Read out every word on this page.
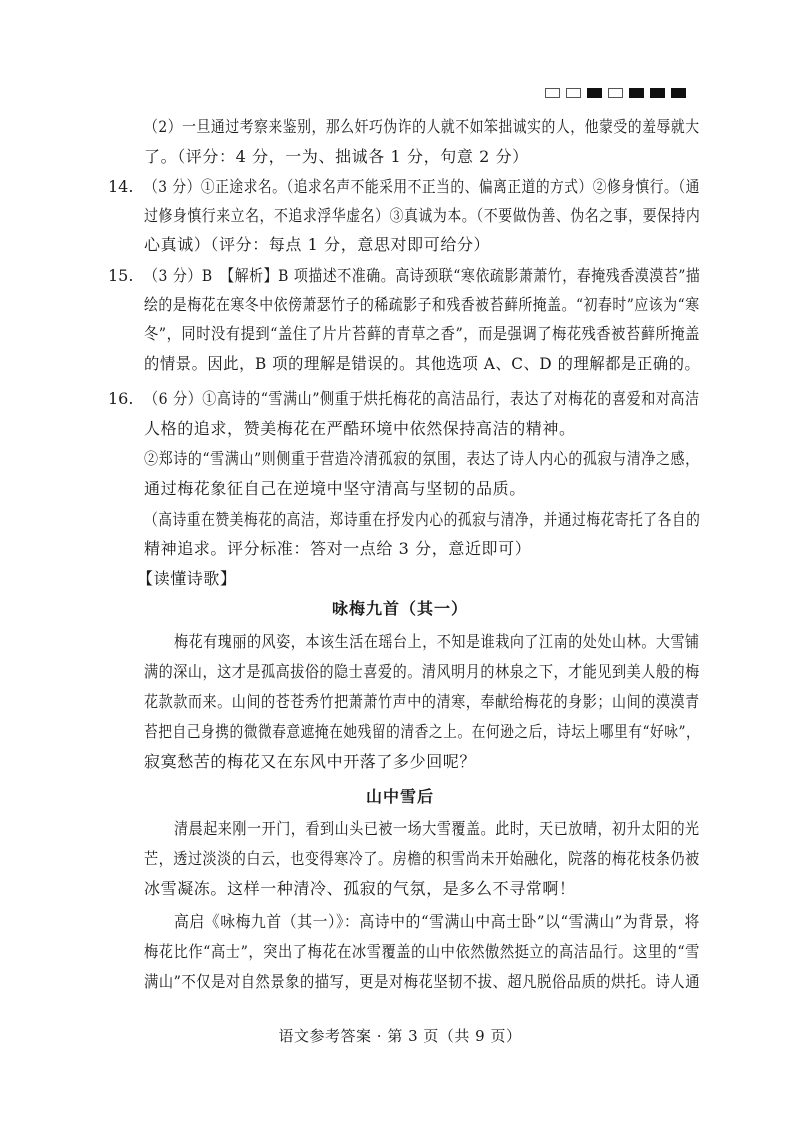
（2）一旦通过考察来鉴别，那么奸巧伪诈的人就不如笨拙诚实的人，他蒙受的羞辱就大
了。（评分：4 分，一为、拙诚各 1 分，句意 2 分）
14. （3 分）①正途求名。（追求名声不能采用不正当的、偏离正道的方式）②修身慎行。（通
过修身慎行来立名，不追求浮华虚名）③真诚为本。（不要做伪善、伪名之事，要保持内
心真诚）（评分：每点 1 分，意思对即可给分）
15. （3 分）B　【解析】B 项描述不准确。高诗颈联“寒依疏影萧萧竹，春掩残香漠漠苔”描
绘的是梅花在寒冬中依傍萧瑟竹子的稀疏影子和残香被苔藓所掩盖。“初春时”应该为“寒
冬”，同时没有提到“盖住了片片苔藓的青草之香”，而是强调了梅花残香被苔藓所掩盖
的情景。因此，B 项的理解是错误的。其他选项 A、C、D 的理解都是正确的。
16. （6 分）①高诗的“雪满山”侧重于烘托梅花的高洁品行，表达了对梅花的喜爱和对高洁
人格的追求，赞美梅花在严酷环境中依然保持高洁的精神。
②郑诗的“雪满山”则侧重于营造冷清孤寂的氛围，表达了诗人内心的孤寂与清净之感，
通过梅花象征自己在逆境中坚守清高与坚韧的品质。
（高诗重在赞美梅花的高洁，郑诗重在抒发内心的孤寂与清净，并通过梅花寄托了各自的
精神追求。评分标准：答对一点给 3 分，意近即可）
【读懂诗歌】
咏梅九首（其一）
梅花有瑰丽的风姿，本该生活在瑶台上，不知是谁栽向了江南的处处山林。大雪铺
满的深山，这才是孤高拔俗的隐士喜爱的。清风明月的林泉之下，才能见到美人般的梅
花款款而来。山间的苍苍秀竹把萧萧竹声中的清寒，奉献给梅花的身影；山间的漠漠青
苔把自己身携的微微春意遮掩在她残留的清香之上。在何逊之后，诗坛上哪里有“好咏”，
寂寞愁苦的梅花又在东风中开落了多少回呢？
山中雪后
清晨起来刚一开门，看到山头已被一场大雪覆盖。此时，天已放晴，初升太阳的光
芒，透过淡淡的白云，也变得寒冷了。房檐的积雪尚未开始融化，院落的梅花枝条仍被
冰雪凝冻。这样一种清冷、孤寂的气氛，是多么不寻常啊！
高启《咏梅九首（其一）》：高诗中的“雪满山中高士卧”以“雪满山”为背景，将
梅花比作“高士”，突出了梅花在冰雪覆盖的山中依然傲然挺立的高洁品行。这里的“雪
满山”不仅是对自然景象的描写，更是对梅花坚韧不拔、超凡脱俗品质的烘托。诗人通
语文参考答案 · 第 3 页（共 9 页）
